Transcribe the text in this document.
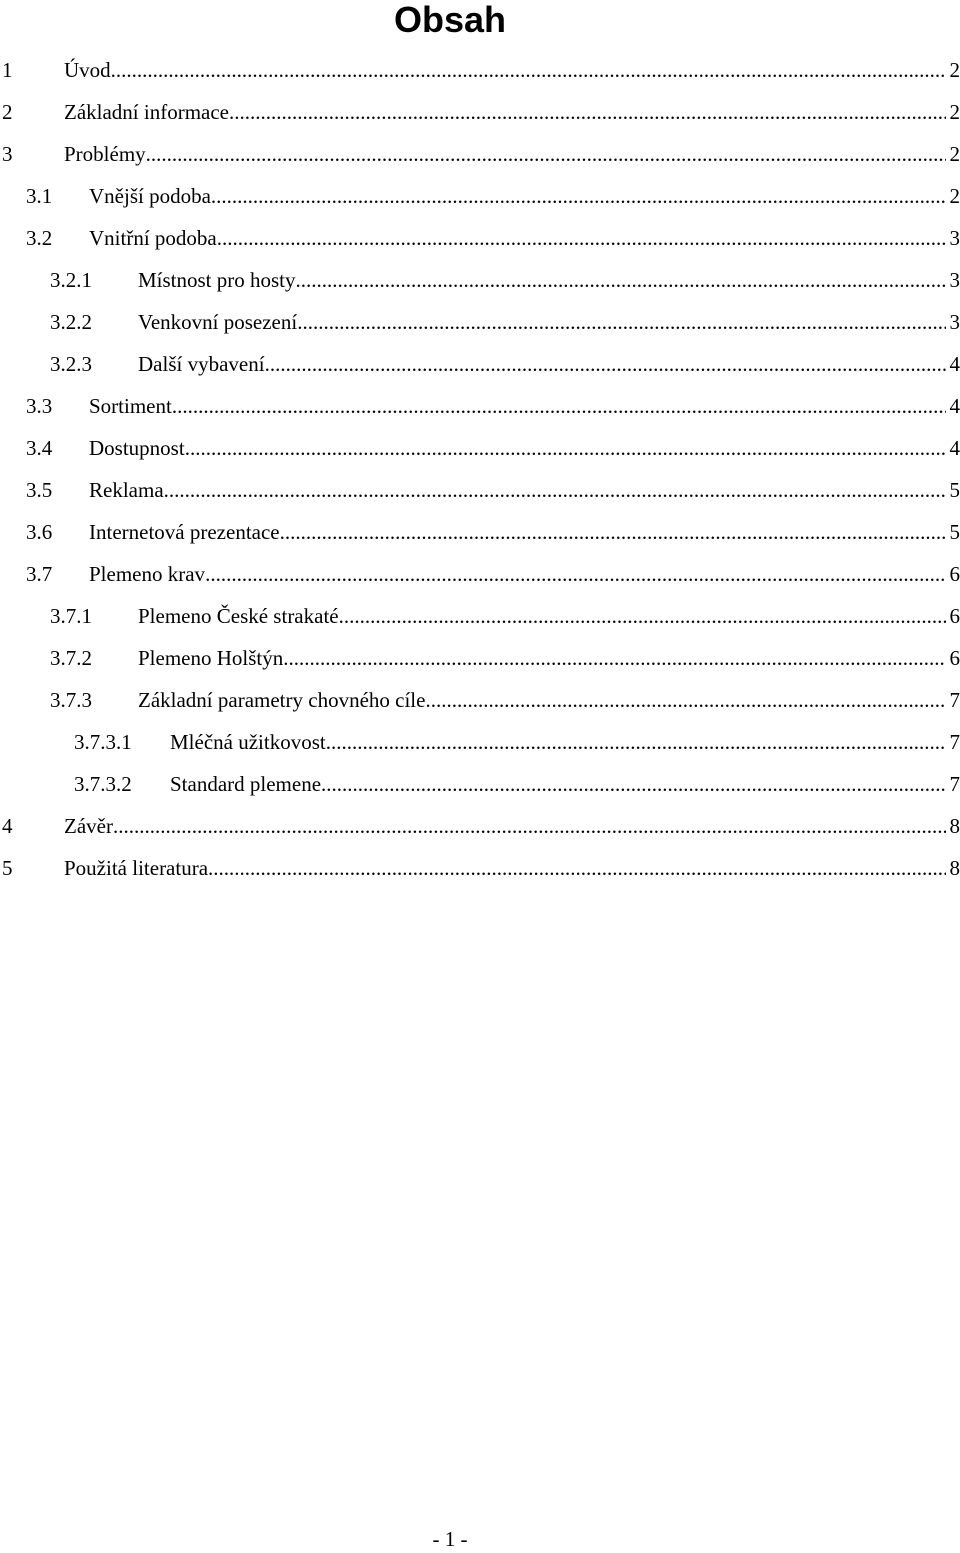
Obsah
1 Úvod .....	2
2 Základní informace .....	2
3 Problémy .....	2
3.1 Vnější podoba .....	2
3.2 Vnitřní podoba .....	3
3.2.1 Místnost pro hosty .....	3
3.2.2 Venkovní posezení .....	3
3.2.3 Další vybavení .....	4
3.3 Sortiment .....	4
3.4 Dostupnost .....	4
3.5 Reklama .....	5
3.6 Internetová prezentace .....	5
3.7 Plemeno krav .....	6
3.7.1 Plemeno České strakaté .....	6
3.7.2 Plemeno Holštýn .....	6
3.7.3 Základní parametry chovného cíle .....	7
3.7.3.1 Mléčná užitkovost .....	7
3.7.3.2 Standard plemene .....	7
4 Závěr .....	8
5 Použitá literatura .....	8
- 1 -
